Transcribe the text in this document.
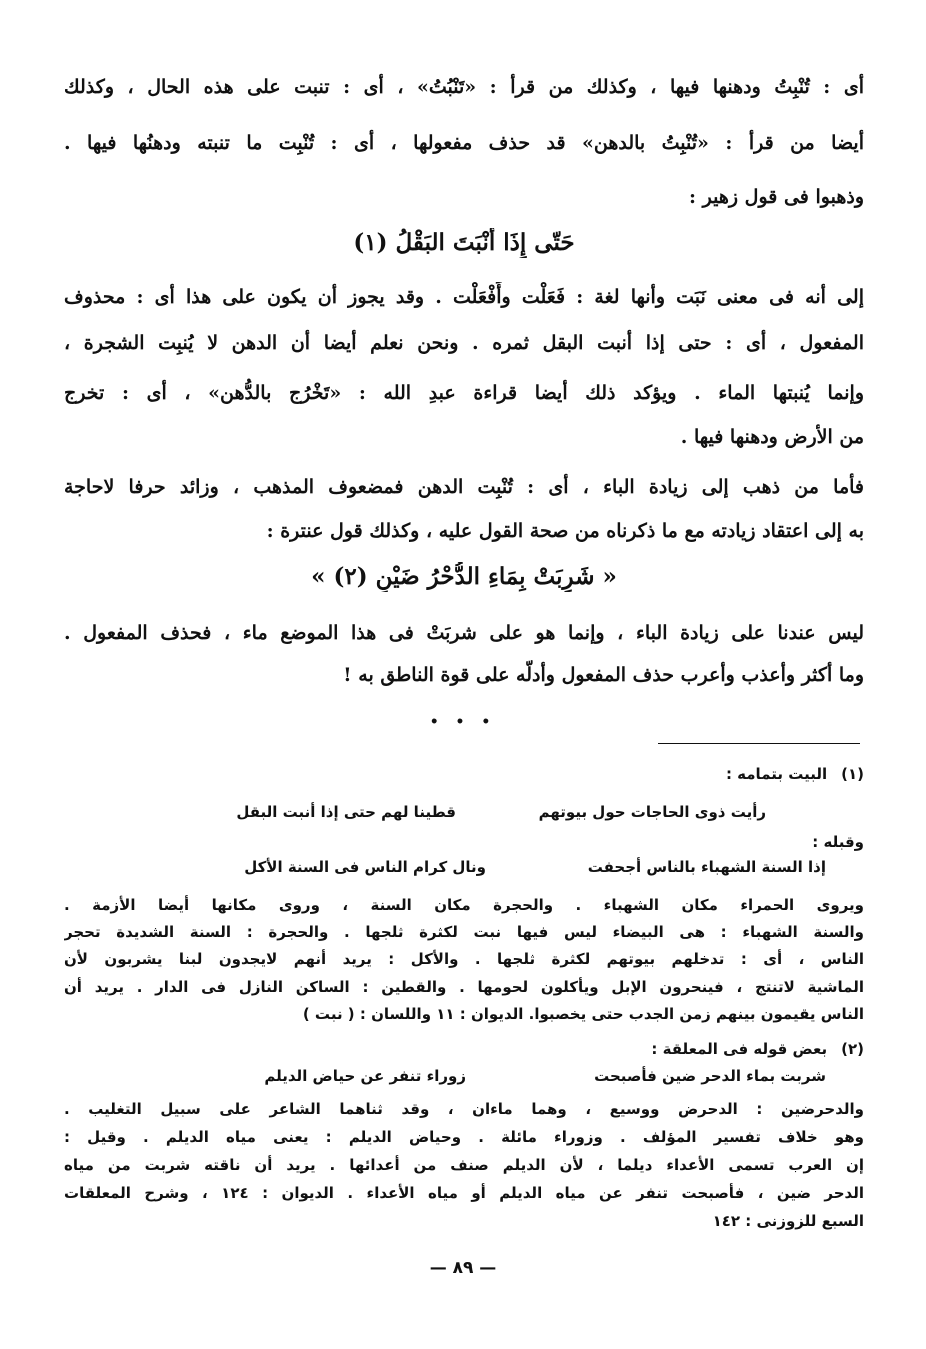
أى : تُنْبِتُ ودهنها فيها ، وكذلك من قرأ : «تَنْبُتُ» ، أى : تنبت على هذه الحال ، وكذلك
أيضا من قرأ : «تُنْبِتُ بالدهن» قد حذف مفعولها ، أى : تُنْبِت ما تنبته ودهنُها فيها .
وذهبوا فى قول زهير :
حَتّى إِذَا أَنْبَتَ البَقْلُ (١)
إلى أنه فى معنى نَبَت وأنها لغة : فَعَلْت وأَفْعَلْت . وقد يجوز أن يكون على هذا أى : محذوف
المفعول ، أى : حتى إذا أنبت البقل ثمره . ونحن نعلم أيضا أن الدهن لا يُنبِت الشجرة ،
وإنما يُنبتها الماء . ويؤكد ذلك أيضا قراءة عبدِ الله : «تَخْرُج بالدُّهن» ، أى : تخرج
من الأرض ودهنها فيها .
فأما من ذهب إلى زيادة الباء ، أى : تُنْبِت الدهن فمضعوف المذهب ، وزائد حرفا لاحاجة
به إلى اعتقاد زيادته مع ما ذكرناه من صحة القول عليه ، وكذلك قول عنترة :
« شَرِبَتْ بِمَاءِ الدُّحْرُ ضَيْنِ (٢) »
ليس عندنا على زيادة الباء ، وإنما هو على شربَتْ فى هذا الموضع ماء ، فحذف المفعول .
وما أكثر وأعذب وأعرب حذف المفعول وأدلّه على قوة الناطق به !
• • •
(١)البيت بتمامه :
رأيت ذوى الحاجات حول بيوتهم
قطينا لهم حتى إذا أنبت البقل
وقبله :
إذا السنة الشهباء بالناس أجحفت
ونال كرام الناس فى السنة الأكل
ويروى الحمراء مكان الشهباء . والحجرة مكان السنة ، وروى مكانها أيضا الأزمة .
والسنة الشهباء : هى البيضاء ليس فيها نبت لكثرة ثلجها . والحجرة : السنة الشديدة تحجر
الناس ، أى : تدخلهم بيوتهم لكثرة ثلجها . والأكل : يريد أنهم لايجدون لبنا يشربون لأن
الماشية لاتنتج ، فينحرون الإبل ويأكلون لحومها . والقطين : الساكن النازل فى الدار . يريد أن
الناس يقيمون بينهم زمن الجدب حتى يخصبوا. الديوان : ١١ واللسان : ( نبت )
(٢)بعض قوله فى المعلقة :
شربت بماء الدحر ضين فأصبحت
زوراء تنفر عن حياض الديلم
والدحرضين : الدحرض ووسيع ، وهما ماءان ، وقد ثناهما الشاعر على سبيل التغليب .
وهو خلاف تفسير المؤلف . وزوراء مائلة . وحياض الديلم : يعنى مياه الديلم . وقيل :
إن العرب تسمى الأعداء ديلما ، لأن الديلم صنف من أعدائها . يريد أن ناقته شربت من مياه
الدحر ضين ، فأصبحت تنفر عن مياه الديلم أو مياه الأعداء . الديوان : ١٢٤ ، وشرح المعلقات
السبع للزوزنى : ١٤٢
— ٨٩ —
